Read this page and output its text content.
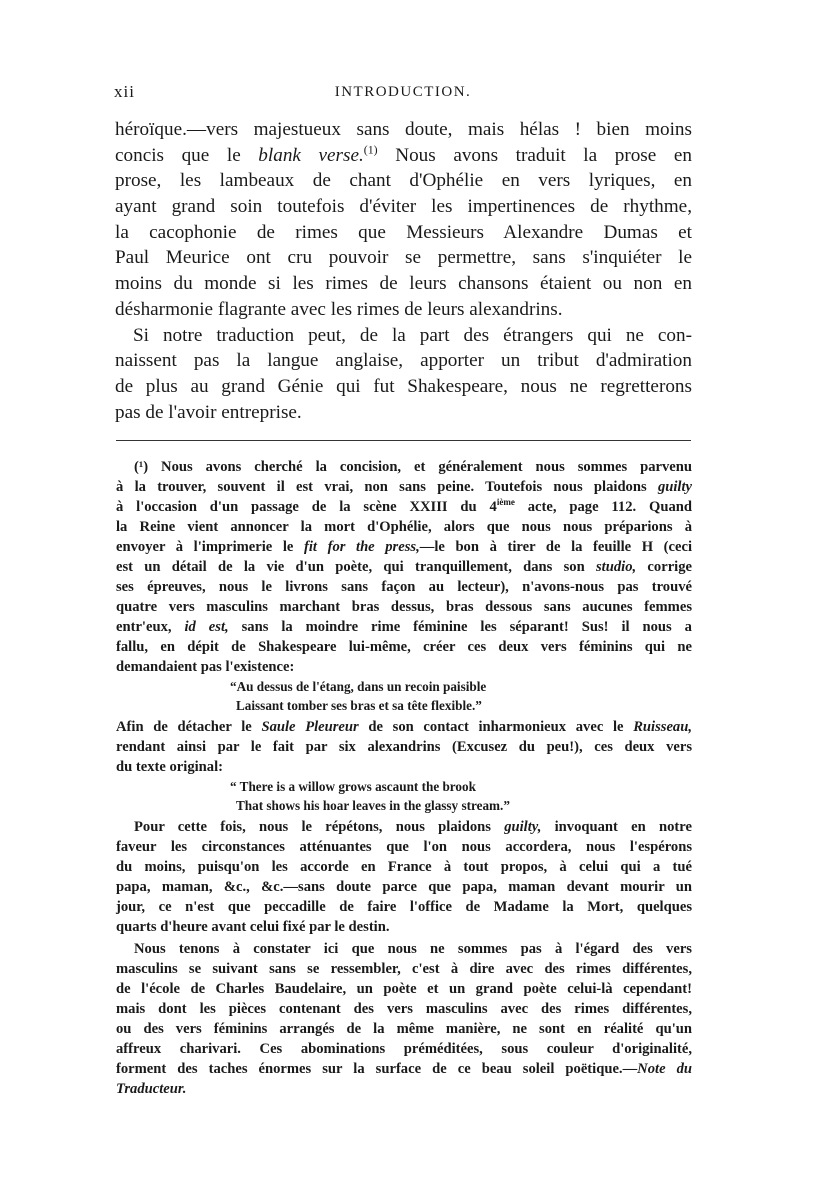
xii	INTRODUCTION.
héroïque.—vers majestueux sans doute, mais hélas ! bien moins
concis que le blank verse.$^{(1)}$ Nous avons traduit la prose en
prose, les lambeaux de chant d'Ophélie en vers lyriques, en
ayant grand soin toutefois d'éviter les impertinences de rhythme,
la cacophonie de rimes que Messieurs Alexandre Dumas et
Paul Meurice ont cru pouvoir se permettre, sans s'inquiéter le
moins du monde si les rimes de leurs chansons étaient ou non en
désharmonie flagrante avec les rimes de leurs alexandrins.
Si notre traduction peut, de la part des étrangers qui ne con-
naissent pas la langue anglaise, apporter un tribut d'admiration
de plus au grand Génie qui fut Shakespeare, nous ne regretterons
pas de l'avoir entreprise.
(¹) Nous avons cherché la concision, et généralement nous sommes parvenu
à la trouver, souvent il est vrai, non sans peine. Toutefois nous plaidons guilty
à l'occasion d'un passage de la scène XXIII du 4ième acte, page 112. Quand
la Reine vient annoncer la mort d'Ophélie, alors que nous nous préparions à
envoyer à l'imprimerie le fit for the press,—le bon à tirer de la feuille H (ceci
est un détail de la vie d'un poète, qui tranquillement, dans son studio, corrige
ses épreuves, nous le livrons sans façon au lecteur), n'avons-nous pas trouvé
quatre vers masculins marchant bras dessus, bras dessous sans aucunes femmes
entr'eux, id est, sans la moindre rime féminine les séparant! Sus! il nous a
fallu, en dépit de Shakespeare lui-même, créer ces deux vers féminins qui ne
demandaient pas l'existence:
“Au dessus de l'étang, dans un recoin paisible
Laissant tomber ses bras et sa tête flexible.”
Afin de détacher le Saule Pleureur de son contact inharmonieux avec le Ruisseau,
rendant ainsi par le fait par six alexandrins (Excusez du peu!), ces deux vers
du texte original:
“ There is a willow grows ascaunt the brook
That shows his hoar leaves in the glassy stream.”
Pour cette fois, nous le répétons, nous plaidons guilty, invoquant en notre
faveur les circonstances atténuantes que l'on nous accordera, nous l'espérons
du moins, puisqu'on les accorde en France à tout propos, à celui qui a tué
papa, maman, &c., &c.—sans doute parce que papa, maman devant mourir un
jour, ce n'est que peccadille de faire l'office de Madame la Mort, quelques
quarts d'heure avant celui fixé par le destin.
Nous tenons à constater ici que nous ne sommes pas à l'égard des vers
masculins se suivant sans se ressembler, c'est à dire avec des rimes différentes,
de l'école de Charles Baudelaire, un poète et un grand poète celui-là cependant!
mais dont les pièces contenant des vers masculins avec des rimes différentes,
ou des vers féminins arrangés de la même manière, ne sont en réalité qu'un
affreux charivari. Ces abominations préméditées, sous couleur d'originalité,
forment des taches énormes sur la surface de ce beau soleil poëtique.—Note du
Traducteur.
